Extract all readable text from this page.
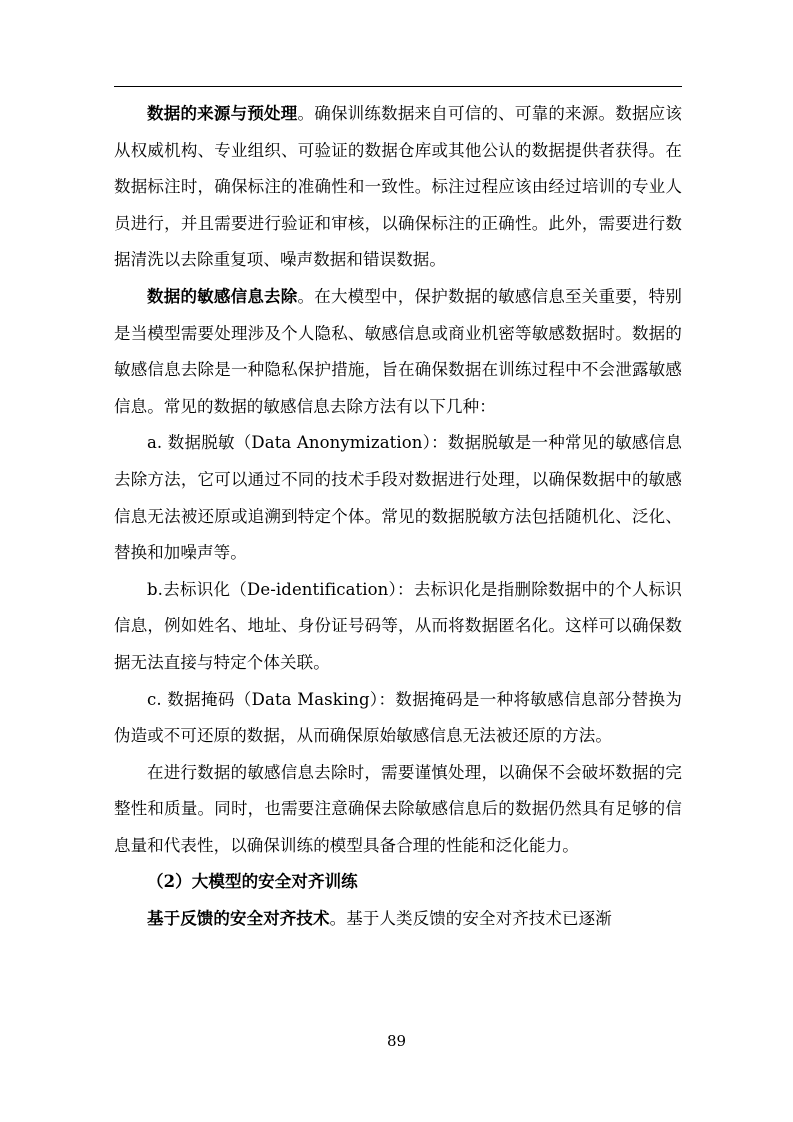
数据的来源与预处理。确保训练数据来自可信的、可靠的来源。数据应该从权威机构、专业组织、可验证的数据仓库或其他公认的数据提供者获得。在数据标注时，确保标注的准确性和一致性。标注过程应该由经过培训的专业人员进行，并且需要进行验证和审核，以确保标注的正确性。此外，需要进行数据清洗以去除重复项、噪声数据和错误数据。

数据的敏感信息去除。在大模型中，保护数据的敏感信息至关重要，特别是当模型需要处理涉及个人隐私、敏感信息或商业机密等敏感数据时。数据的敏感信息去除是一种隐私保护措施，旨在确保数据在训练过程中不会泄露敏感信息。常见的数据的敏感信息去除方法有以下几种：

a. 数据脱敏（Data Anonymization）：数据脱敏是一种常见的敏感信息去除方法，它可以通过不同的技术手段对数据进行处理，以确保数据中的敏感信息无法被还原或追溯到特定个体。常见的数据脱敏方法包括随机化、泛化、替换和加噪声等。

b.去标识化（De-identification）：去标识化是指删除数据中的个人标识信息，例如姓名、地址、身份证号码等，从而将数据匿名化。这样可以确保数据无法直接与特定个体关联。

c. 数据掩码（Data Masking）：数据掩码是一种将敏感信息部分替换为伪造或不可还原的数据，从而确保原始敏感信息无法被还原的方法。

在进行数据的敏感信息去除时，需要谨慎处理，以确保不会破坏数据的完整性和质量。同时，也需要注意确保去除敏感信息后的数据仍然具有足够的信息量和代表性，以确保训练的模型具备合理的性能和泛化能力。

（2）大模型的安全对齐训练

基于反馈的安全对齐技术。基于人类反馈的安全对齐技术已逐渐

89
